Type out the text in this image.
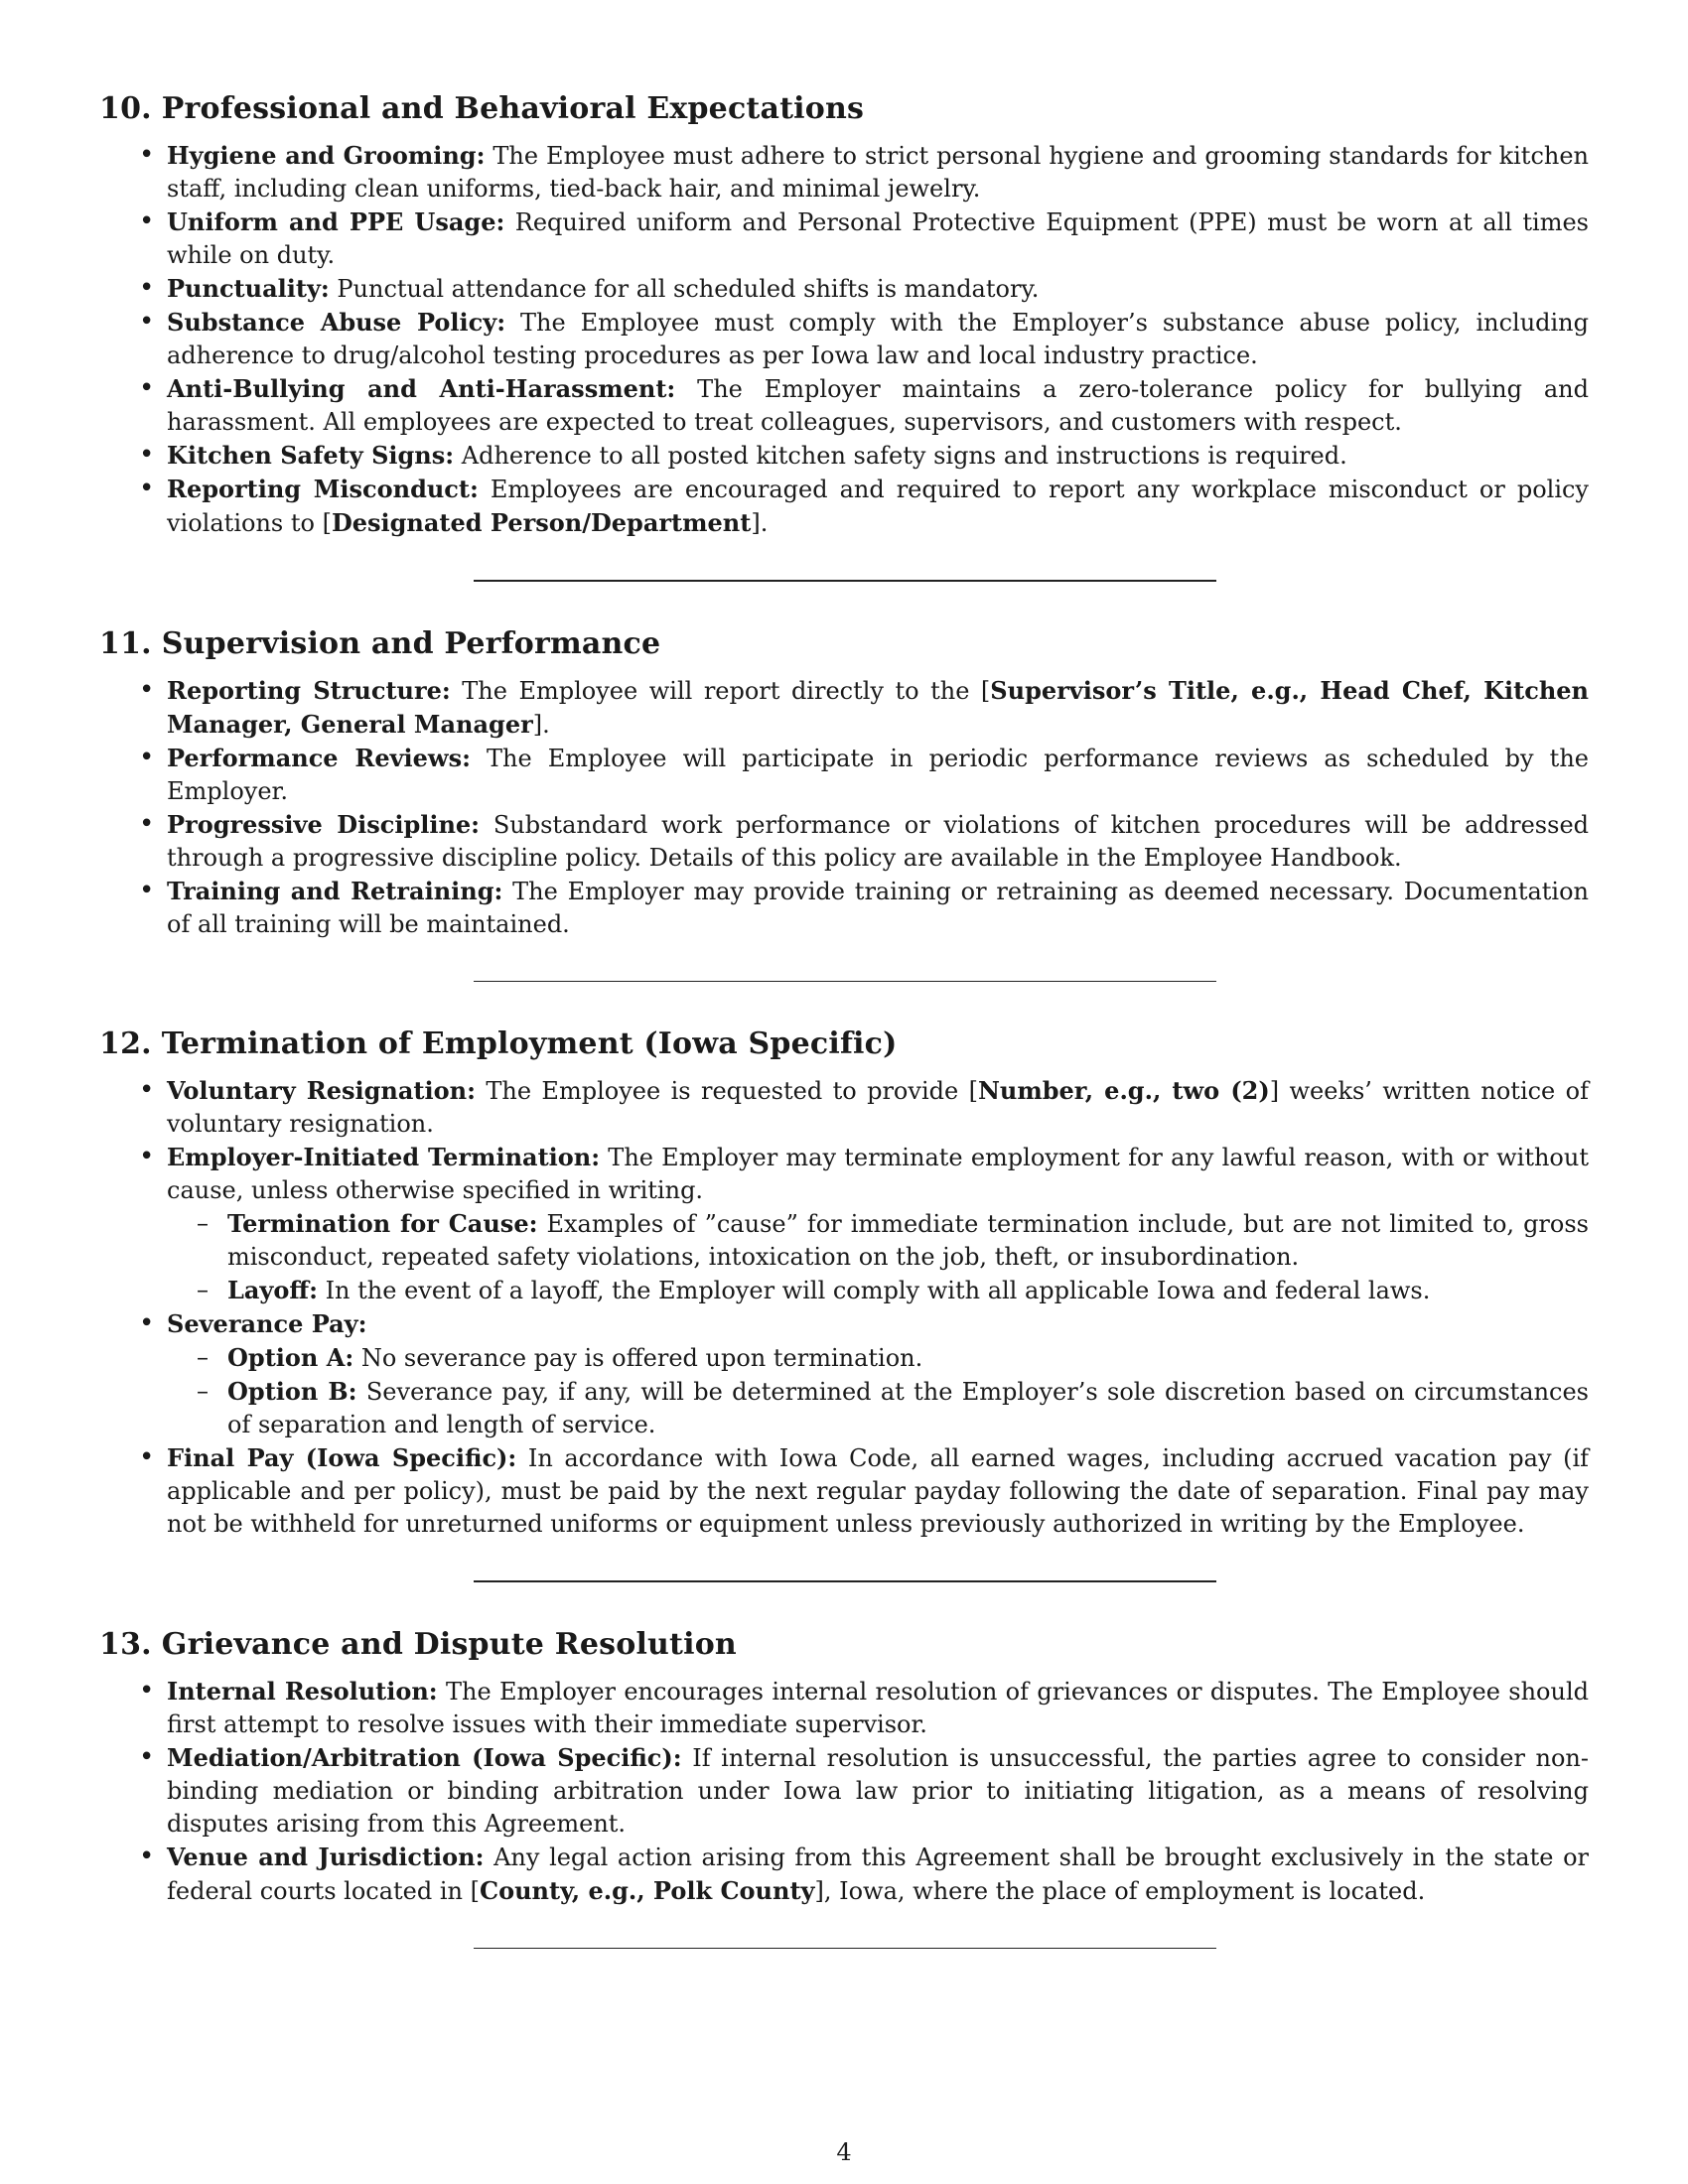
10. Professional and Behavioral Expectations
• Hygiene and Grooming: The Employee must adhere to strict personal hygiene and grooming standards for kitchen staff, including clean uniforms, tied-back hair, and minimal jewelry.
• Uniform and PPE Usage: Required uniform and Personal Protective Equipment (PPE) must be worn at all times while on duty.
• Punctuality: Punctual attendance for all scheduled shifts is mandatory.
• Substance Abuse Policy: The Employee must comply with the Employer’s substance abuse policy, including adherence to drug/alcohol testing procedures as per Iowa law and local industry practice.
• Anti-Bullying and Anti-Harassment: The Employer maintains a zero-tolerance policy for bullying and harassment. All employees are expected to treat colleagues, supervisors, and customers with respect.
• Kitchen Safety Signs: Adherence to all posted kitchen safety signs and instructions is required.
• Reporting Misconduct: Employees are encouraged and required to report any workplace misconduct or policy violations to [Designated Person/Department].
11. Supervision and Performance
• Reporting Structure: The Employee will report directly to the [Supervisor’s Title, e.g., Head Chef, Kitchen Manager, General Manager].
• Performance Reviews: The Employee will participate in periodic performance reviews as scheduled by the Employer.
• Progressive Discipline: Substandard work performance or violations of kitchen procedures will be addressed through a progressive discipline policy. Details of this policy are available in the Employee Handbook.
• Training and Retraining: The Employer may provide training or retraining as deemed necessary. Documentation of all training will be maintained.
12. Termination of Employment (Iowa Specific)
• Voluntary Resignation: The Employee is requested to provide [Number, e.g., two (2)] weeks’ written notice of voluntary resignation.
• Employer-Initiated Termination: The Employer may terminate employment for any lawful reason, with or without cause, unless otherwise specified in writing.
– Termination for Cause: Examples of ”cause” for immediate termination include, but are not limited to, gross misconduct, repeated safety violations, intoxication on the job, theft, or insubordination.
– Layoff: In the event of a layoff, the Employer will comply with all applicable Iowa and federal laws.
• Severance Pay:
– Option A: No severance pay is offered upon termination.
– Option B: Severance pay, if any, will be determined at the Employer’s sole discretion based on circumstances of separation and length of service.
• Final Pay (Iowa Specific): In accordance with Iowa Code, all earned wages, including accrued vacation pay (if applicable and per policy), must be paid by the next regular payday following the date of separation. Final pay may not be withheld for unreturned uniforms or equipment unless previously authorized in writing by the Employee.
13. Grievance and Dispute Resolution
• Internal Resolution: The Employer encourages internal resolution of grievances or disputes. The Employee should first attempt to resolve issues with their immediate supervisor.
• Mediation/Arbitration (Iowa Specific): If internal resolution is unsuccessful, the parties agree to consider non-binding mediation or binding arbitration under Iowa law prior to initiating litigation, as a means of resolving disputes arising from this Agreement.
• Venue and Jurisdiction: Any legal action arising from this Agreement shall be brought exclusively in the state or federal courts located in [County, e.g., Polk County], Iowa, where the place of employment is located.
4
